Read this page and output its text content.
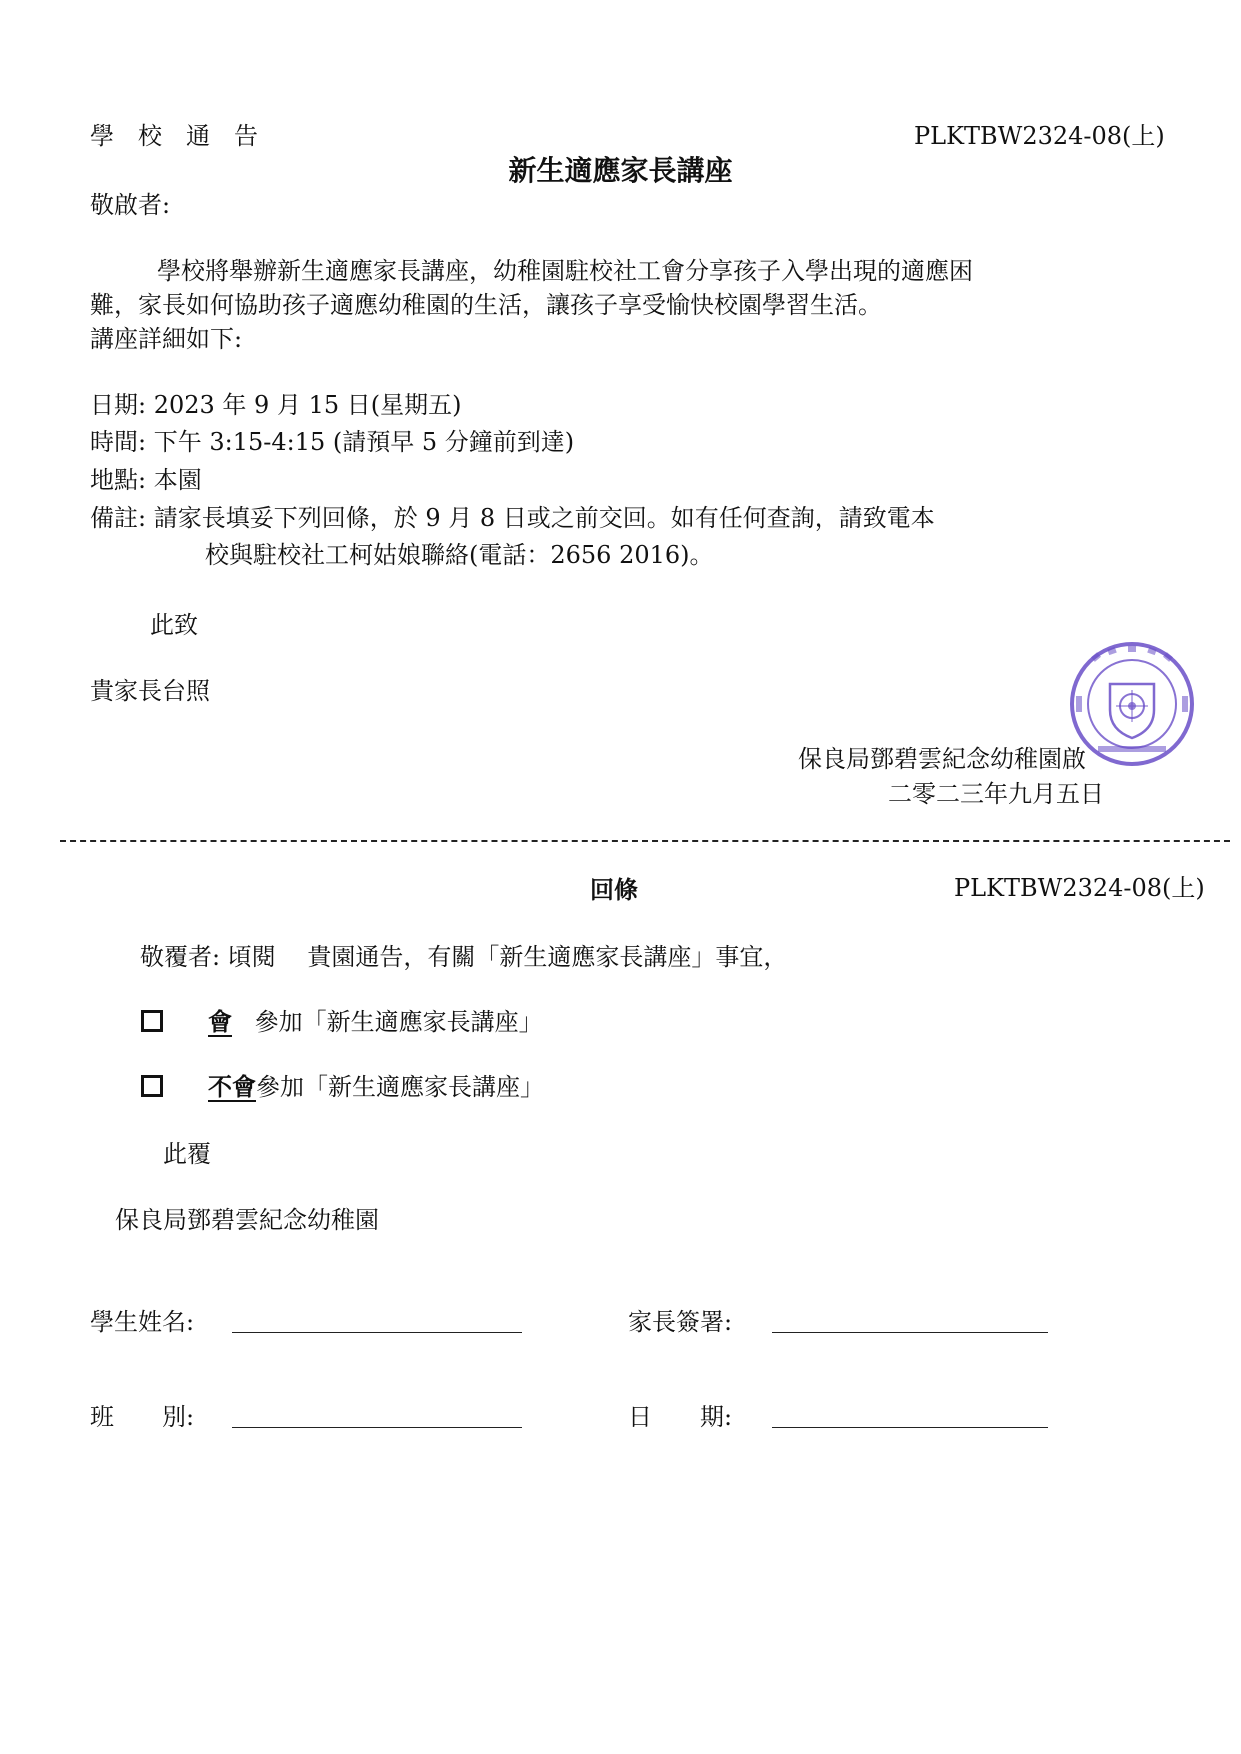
學　校　通　告	PLKTBW2324-08(上)
新生適應家長講座
敬啟者:
學校將舉辦新生適應家長講座，幼稚園駐校社工會分享孩子入學出現的適應困
難，家長如何協助孩子適應幼稚園的生活，讓孩子享受愉快校園學習生活。
講座詳細如下:
日期: 2023 年 9 月 15 日(星期五)
時間: 下午 3:15-4:15 (請預早 5 分鐘前到達)
地點: 本園
備註: 請家長填妥下列回條，於 9 月 8 日或之前交回。如有任何查詢，請致電本
校與駐校社工柯姑娘聯絡(電話：2656 2016)。
此致
貴家長台照
保良局鄧碧雲紀念幼稚園啟
二零二三年九月五日
回條	PLKTBW2324-08(上)
敬覆者: 頃閱　 貴園通告，有關「新生適應家長講座」事宜，
會 參加「新生適應家長講座」
不會參加「新生適應家長講座」
此覆
保良局鄧碧雲紀念幼稚園
學生姓名:	家長簽署:
班　　別:	日　　期:
